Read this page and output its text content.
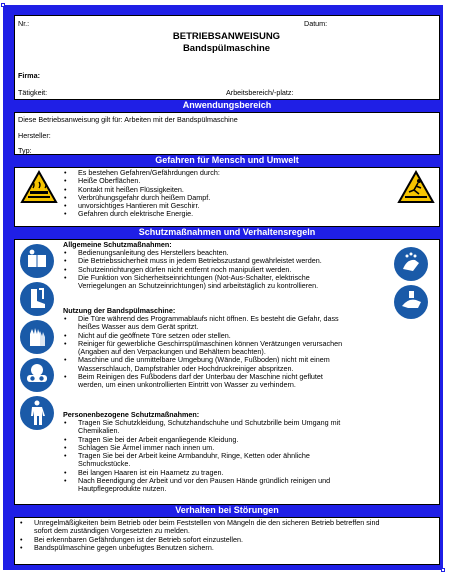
Nr.:	Datum:
BETRIEBSANWEISUNG
Bandspülmaschine
Firma:
Tätigkeit:	Arbeitsbereich/-platz:
Anwendungsbereich
Diese Betriebsanweisung gilt für: Arbeiten mit der Bandspülmaschine
Hersteller:
Typ:
Gefahren für Mensch und Umwelt
• Es bestehen Gefahren/Gefährdungen durch:
• Heiße Oberflächen.
• Kontakt mit heißen Flüssigkeiten.
• Verbrühungsgefahr durch heißem Dampf.
• unvorsichtiges Hantieren mit Geschirr.
• Gefahren durch elektrische Energie.
Schutzmaßnahmen und Verhaltensregeln
Allgemeine Schutzmaßnahmen:
• Bedienungsanleitung des Herstellers beachten.
• Die Betriebssicherheit muss in jedem Betriebszustand gewährleistet werden.
• Schutzeinrichtungen dürfen nicht entfernt noch manipuliert werden.
• Die Funktion von Sicherheitseinrichtungen (Not-Aus-Schalter, elektrische
Verriegelungen an Schutzeinrichtungen) sind arbeitstäglich zu kontrollieren.
Nutzung der Bandspülmaschine:
• Die Türe während des Programmablaufs nicht öffnen. Es besteht die Gefahr, dass
heißes Wasser aus dem Gerät spritzt.
• Nicht auf die geöffnete Türe setzen oder stellen.
• Reiniger für gewerbliche Geschirrspülmaschinen können Verätzungen verursachen
(Angaben auf den Verpackungen und Behältern beachten).
• Maschine und die unmittelbare Umgebung (Wände, Fußboden) nicht mit einem
Wasserschlauch, Dampfstrahler oder Hochdruckreiniger abspritzen.
• Beim Reinigen des Fußbodens darf der Unterbau der Maschine nicht geflutet
werden, um einen unkontrollierten Eintritt von Wasser zu verhindern.
Personenbezogene Schutzmaßnahmen:
• Tragen Sie Schutzkleidung, Schutzhandschuhe und Schutzbrille beim Umgang mit
Chemikalien.
• Tragen Sie bei der Arbeit enganliegende Kleidung.
• Schlagen Sie Ärmel immer nach innen um.
• Tragen Sie bei der Arbeit keine Armbanduhr, Ringe, Ketten oder ähnliche
Schmuckstücke.
• Bei langen Haaren ist ein Haarnetz zu tragen.
• Nach Beendigung der Arbeit und vor den Pausen Hände gründlich reinigen und
Hautpflegeprodukte nutzen.
Verhalten bei Störungen
• Unregelmäßigkeiten beim Betrieb oder beim Feststellen von Mängeln die den sicheren Betrieb betreffen sind
sofort dem zuständigen Vorgesetzten zu melden.
• Bei erkennbaren Gefährdungen ist der Betrieb sofort einzustellen.
• Bandspülmaschine gegen unbefugtes Benutzen sichern.
